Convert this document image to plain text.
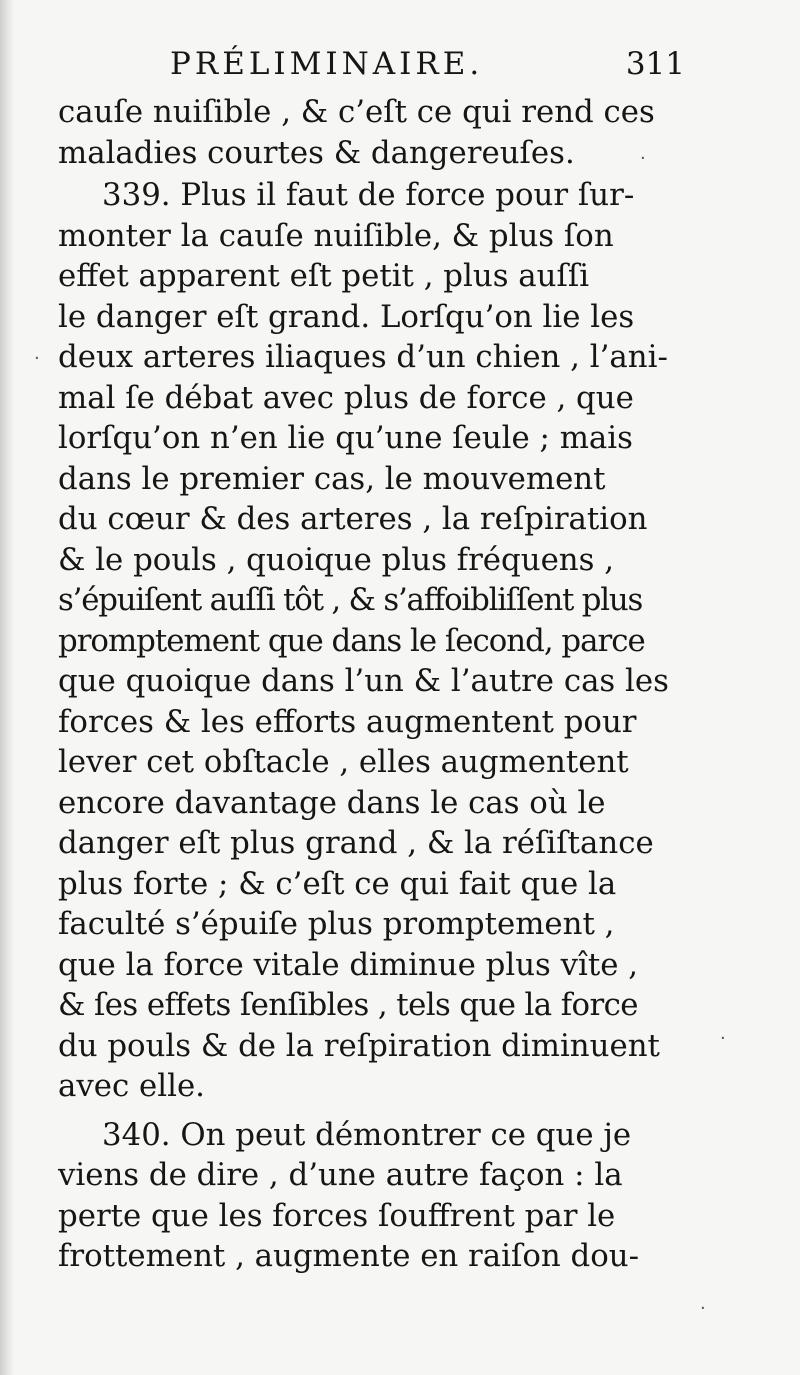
PRÉLIMINAIRE.	311
cauſe nuiſible , & c’eſt ce qui rend ces
maladies courtes & dangereuſes.
339. Plus il faut de force pour ſur-
monter la cauſe nuiſible, & plus ſon
effet apparent eſt petit , plus auſſi
le danger eſt grand. Lorſqu’on lie les
deux arteres iliaques d’un chien , l’ani-
mal ſe débat avec plus de force , que
lorſqu’on n’en lie qu’une ſeule ; mais
dans le premier cas, le mouvement
du cœur & des arteres , la reſpiration
& le pouls , quoique plus fréquens ,
s’épuiſent auſſi tôt , & s’affoibliſſent plus
promptement que dans le ſecond, parce
que quoique dans l’un & l’autre cas les
forces & les efforts augmentent pour
lever cet obſtacle , elles augmentent
encore davantage dans le cas où le
danger eſt plus grand , & la réſiſtance
plus forte ; & c’eſt ce qui fait que la
faculté s’épuiſe plus promptement ,
que la force vitale diminue plus vîte ,
& ſes effets ſenſibles , tels que la force
du pouls & de la reſpiration diminuent
avec elle.
340. On peut démontrer ce que je
viens de dire , d’une autre façon : la
perte que les forces ſouffrent par le
frottement , augmente en raiſon dou-
·
·
·
·
